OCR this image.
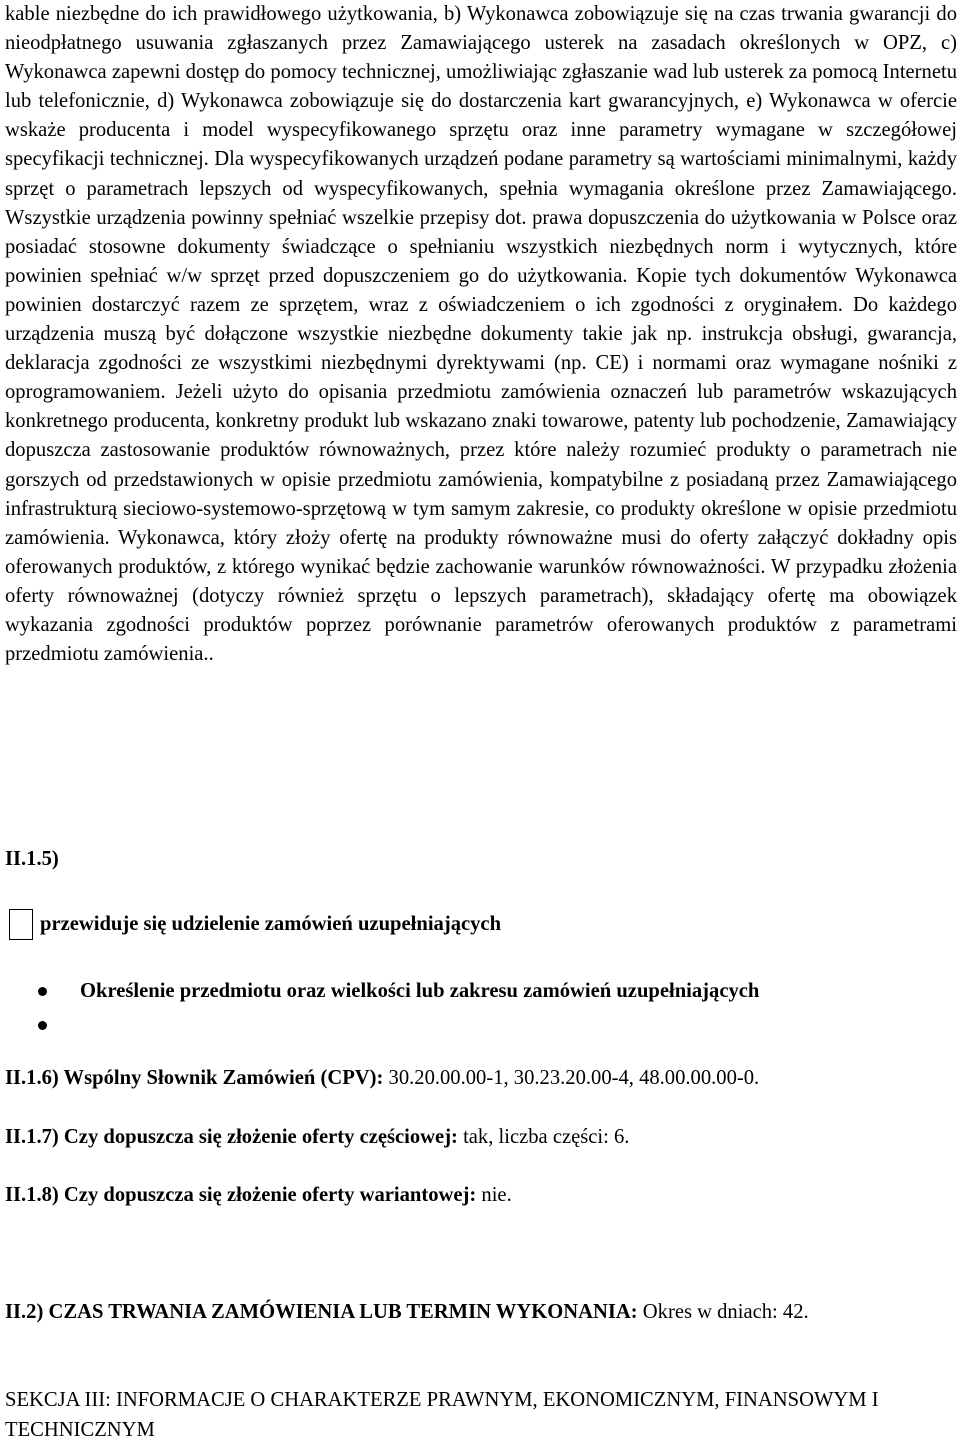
kable niezbędne do ich prawidłowego użytkowania, b) Wykonawca zobowiązuje się na czas trwania gwarancji do nieodpłatnego usuwania zgłaszanych przez Zamawiającego usterek na zasadach określonych w OPZ, c) Wykonawca zapewni dostęp do pomocy technicznej, umożliwiając zgłaszanie wad lub usterek za pomocą Internetu lub telefonicznie, d) Wykonawca zobowiązuje się do dostarczenia kart gwarancyjnych, e) Wykonawca w ofercie wskaże producenta i model wyspecyfikowanego sprzętu oraz inne parametry wymagane w szczegółowej specyfikacji technicznej. Dla wyspecyfikowanych urządzeń podane parametry są wartościami minimalnymi, każdy sprzęt o parametrach lepszych od wyspecyfikowanych, spełnia wymagania określone przez Zamawiającego. Wszystkie urządzenia powinny spełniać wszelkie przepisy dot. prawa dopuszczenia do użytkowania w Polsce oraz posiadać stosowne dokumenty świadczące o spełnianiu wszystkich niezbędnych norm i wytycznych, które powinien spełniać w/w sprzęt przed dopuszczeniem go do użytkowania. Kopie tych dokumentów Wykonawca powinien dostarczyć razem ze sprzętem, wraz z oświadczeniem o ich zgodności z oryginałem. Do każdego urządzenia muszą być dołączone wszystkie niezbędne dokumenty takie jak np. instrukcja obsługi, gwarancja, deklaracja zgodności ze wszystkimi niezbędnymi dyrektywami (np. CE) i normami oraz wymagane nośniki z oprogramowaniem. Jeżeli użyto do opisania przedmiotu zamówienia oznaczeń lub parametrów wskazujących konkretnego producenta, konkretny produkt lub wskazano znaki towarowe, patenty lub pochodzenie, Zamawiający dopuszcza zastosowanie produktów równoważnych, przez które należy rozumieć produkty o parametrach nie gorszych od przedstawionych w opisie przedmiotu zamówienia, kompatybilne z posiadaną przez Zamawiającego infrastrukturą sieciowo-systemowo-sprzętową w tym samym zakresie, co produkty określone w opisie przedmiotu zamówienia. Wykonawca, który złoży ofertę na produkty równoważne musi do oferty załączyć dokładny opis oferowanych produktów, z którego wynikać będzie zachowanie warunków równoważności. W przypadku złożenia oferty równoważnej (dotyczy również sprzętu o lepszych parametrach), składający ofertę ma obowiązek wykazania zgodności produktów poprzez porównanie parametrów oferowanych produktów z parametrami przedmiotu zamówienia..

II.1.5)

przewiduje się udzielenie zamówień uzupełniających
Określenie przedmiotu oraz wielkości lub zakresu zamówień uzupełniających

II.1.6) Wspólny Słownik Zamówień (CPV): 30.20.00.00-1, 30.23.20.00-4, 48.00.00.00-0.

II.1.7) Czy dopuszcza się złożenie oferty częściowej: tak, liczba części: 6.

II.1.8) Czy dopuszcza się złożenie oferty wariantowej: nie.

II.2) CZAS TRWANIA ZAMÓWIENIA LUB TERMIN WYKONANIA: Okres w dniach: 42.

SEKCJA III: INFORMACJE O CHARAKTERZE PRAWNYM, EKONOMICZNYM, FINANSOWYM I TECHNICZNYM
